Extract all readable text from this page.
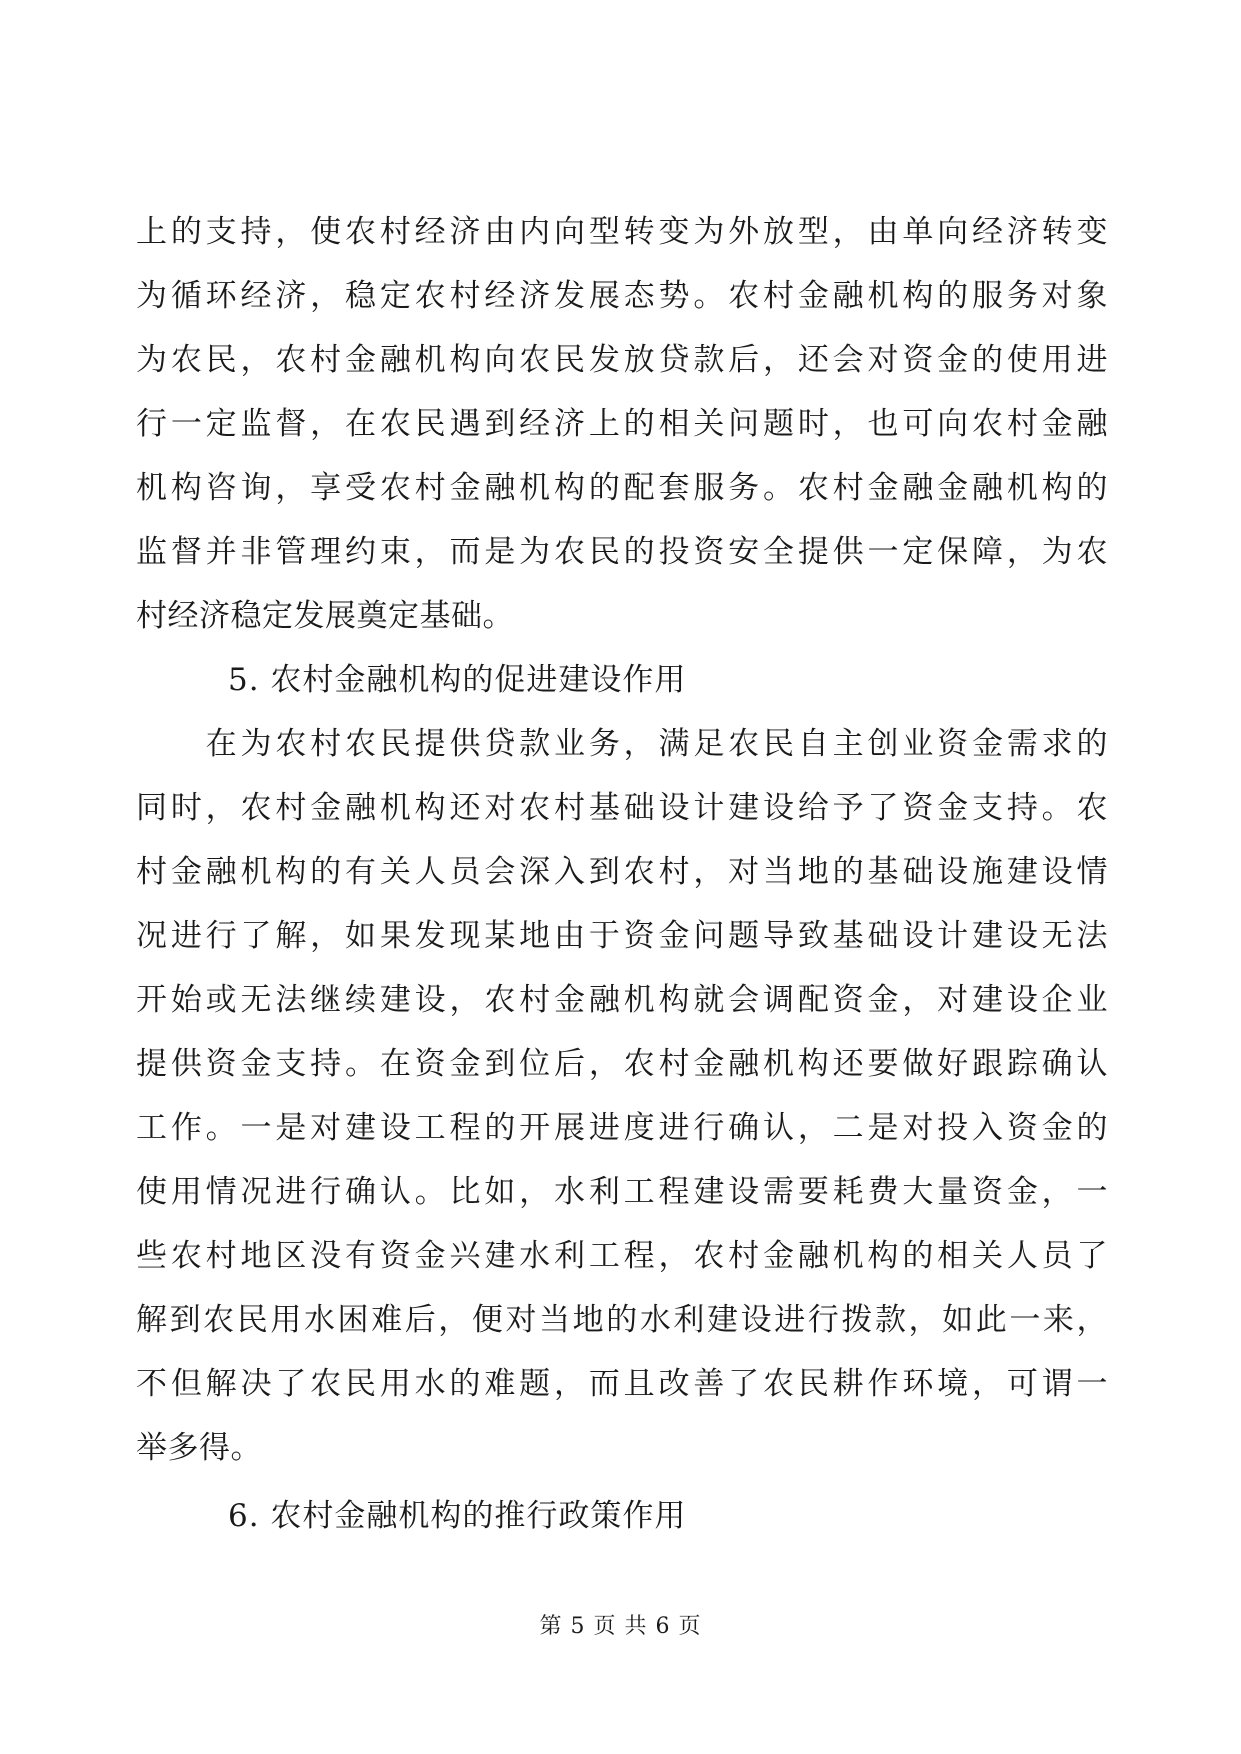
上的支持，使农村经济由内向型转变为外放型，由单向经济转变
为循环经济，稳定农村经济发展态势。农村金融机构的服务对象
为农民，农村金融机构向农民发放贷款后，还会对资金的使用进
行一定监督，在农民遇到经济上的相关问题时，也可向农村金融
机构咨询，享受农村金融机构的配套服务。农村金融金融机构的
监督并非管理约束，而是为农民的投资安全提供一定保障，为农
村经济稳定发展奠定基础。
5. 农村金融机构的促进建设作用
　　在为农村农民提供贷款业务，满足农民自主创业资金需求的
同时，农村金融机构还对农村基础设计建设给予了资金支持。农
村金融机构的有关人员会深入到农村，对当地的基础设施建设情
况进行了解，如果发现某地由于资金问题导致基础设计建设无法
开始或无法继续建设，农村金融机构就会调配资金，对建设企业
提供资金支持。在资金到位后，农村金融机构还要做好跟踪确认
工作。一是对建设工程的开展进度进行确认，二是对投入资金的
使用情况进行确认。比如，水利工程建设需要耗费大量资金，一
些农村地区没有资金兴建水利工程，农村金融机构的相关人员了
解到农民用水困难后，便对当地的水利建设进行拨款，如此一来，
不但解决了农民用水的难题，而且改善了农民耕作环境，可谓一
举多得。
6. 农村金融机构的推行政策作用
第 5 页 共 6 页
